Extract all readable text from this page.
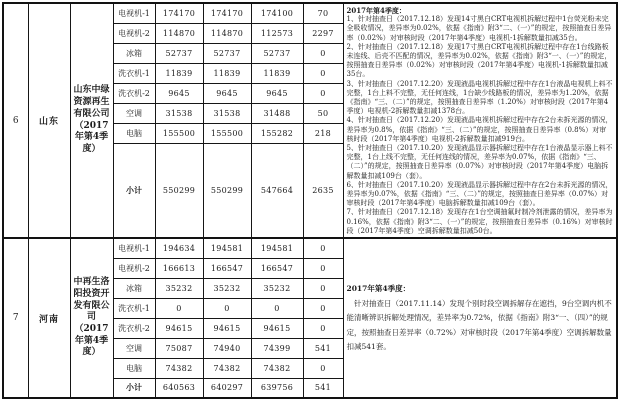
6	山东	山东中绿资源再生有限公司（2017年第4季度）	电视机-1	174170	174170	174100	70	2017年第4季度：
1、针对抽查日（2017.12.18）发现14寸黑白CRT电视机拆解过程中1台荧光粉未完全吸收情况，差异率为0.02%，依据《指南》附3“二、（一）”的规定，按照抽查日差异率（0.02%）对审核时段（2017年第4季度）电视机-1拆解数量扣减35台。
2、针对抽查日（2017.12.18）发现17寸黑白CRT电视机拆解过程中存在1台线路板未连线、后壳不匹配的情况，差异率为0.02%，依据《指南》附3“一、（一）”的规定，按照抽查日差异率（0.02%）对审核时段（2017年第4季度）电视机-1拆解数量扣减35台。
3、针对抽查日（2017.12.20）发现液晶电视机拆解过程中存在1台液晶电视机上料不完整，1台上料不完整，无任何连线，1台缺少线路板的情况，差异率为1.20%，依据《指南》“三、（二）”的规定，按照抽查日差异率（1.20%）对审核时段（2017年第4季度）电视机-2拆解数量扣减1378台。
4、针对抽查日（2017.12.20）发现液晶电视机拆解过程中存在2台未拆光源的情况，差异率为0.8%，依据《指南》“三、（二）”的规定，按照抽查日差异率（0.8%）对审核时段（2017年第4季度）电视机-2拆解数量扣减919台。
5、针对抽查日（2017.10.20）发现液晶显示器拆解过程中存在1台液晶显示器上料不完整，1台上线不完整，无任何连线的情况，差异率为0.07%，依据《指南》“三、（二）”的规定，按照抽查日差异率（0.07%）对审核时段（2017年第4季度）电脑拆解数量扣减109台（套）。
6、针对抽查日（2017.10.20）发现液晶显示器拆解过程中存在2台未拆光源的情况，差异率为0.07%，依据《指南》“三、（二）”的规定，按照抽查日差异率（0.07%）对审核时段（2017年第4季度）电脑拆解数量扣减109台（套）。
7、针对抽查日（2017.12.18）发现存在1台空调抽氟时制冷剂泄露的情况，差异率为0.16%，依据《指南》附3“二、（一）”的规定，按照抽查日差异率（0.16%）对审核时段（2017年第4季度）空调拆解数量扣减50台。

			电视机-2	114870	114870	112573	2297	
			冰箱	52737	52737	52737	0	
			洗衣机-1	11839	11839	11839	0	
			洗衣机-2	9645	9645	9645	0	
			空调	31538	31538	31488	50	
			电脑	155500	155500	155282	218	
			小计	550299	550299	547664	2635	
7	河南	中再生洛阳投资开发有限公司（2017年第4季度）	电视机-1	194634	194581	194581	0	2017年第4季度：
针对抽查日（2017.11.14）发现个别时段空调拆解存在遮挡，9台空调内机不能清晰辨识拆解处理情况，差异率为0.72%，依据《指南》附3“一、（四）”的规定，按照抽查日差异率（0.72%）对审核时段（2017年第4季度）空调拆解数量扣减541套。

			电视机-2	166613	166547	166547	0	
			冰箱	35232	35232	35232	0	
			洗衣机-1	0	0	0	0	
			洗衣机-2	94615	94615	94615	0	
			空调	75087	74940	74399	541	
			电脑	74382	74382	74382	0	
			小计	640563	640297	639756	541	
